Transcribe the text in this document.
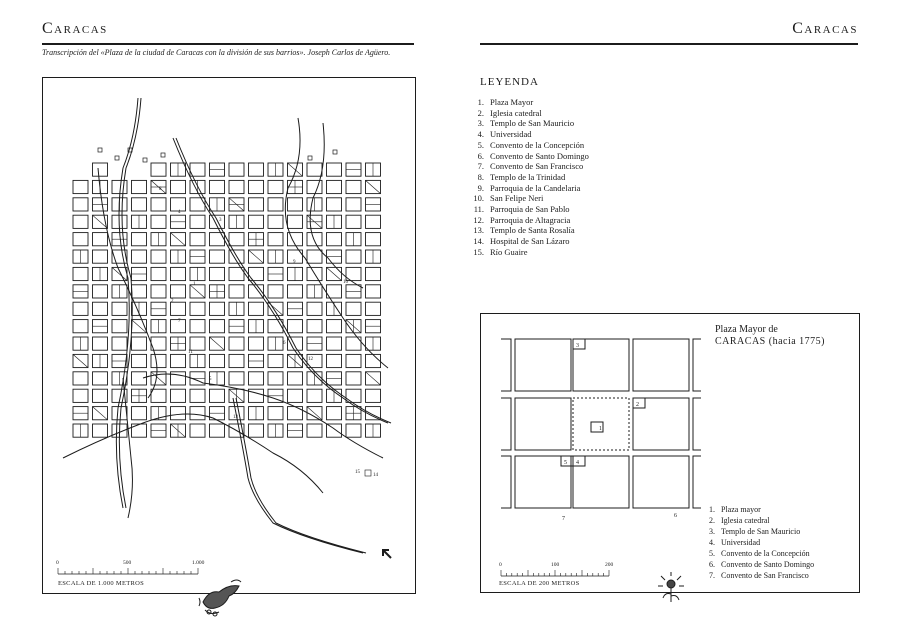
Caracas
Transcripción del «Plaza de la ciudad de Caracas con la división de sus barrios». Joseph Carlos de Agüero.
1
2
3
4
5
6
7
8
9
10
11
12
13
14
15
0	500	1.000
ESCALA DE 1.000 METROS
Caracas
LEYENDA
1. Plaza Mayor
2. Iglesia catedral
3. Templo de San Mauricio
4. Universidad
5. Convento de la Concepción
6. Convento de Santo Domingo
7. Convento de San Francisco
8. Templo de la Trinidad
9. Parroquia de la Candelaria
10. San Felipe Neri
11. Parroquia de San Pablo
12. Parroquia de Altagracia
13. Templo de Santa Rosalía
14. Hospital de San Lázaro
15. Río Guaire
Plaza Mayor de
CARACAS (hacia 1775)
1
2
3
4
5
6
7
1. Plaza mayor
2. Iglesia catedral
3. Templo de San Mauricio
4. Universidad
5. Convento de la Concepción
6. Convento de Santo Domingo
7. Convento de San Francisco
0	100	200
ESCALA DE 200 METROS
